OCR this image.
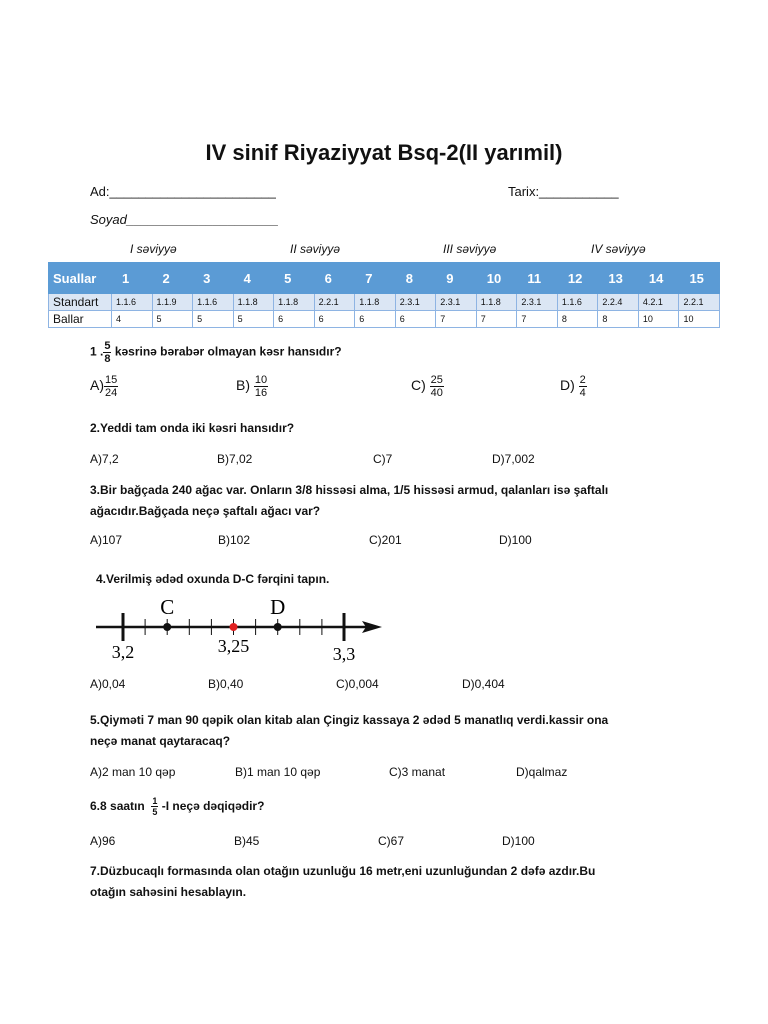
IV sinif Riyaziyyat Bsq-2(II yarımil)
Ad:_______________________	Tarix:___________
Soyad_____________________
I səviyyə	II səviyyə	III səviyyə	IV səviyyə
Suallar	1	2	3	4	5	6	7	8	9	10	11	12	13	14	15
Standart	1.1.6	1.1.9	1.1.6	1.1.8	1.1.8	2.2.1	1.1.8	2.3.1	2.3.1	1.1.8	2.3.1	1.1.6	2.2.4	4.2.1	2.2.1
Ballar	4	5	5	5	6	6	6	6	7	7	7	8	8	10	10
1 . $\frac{5}{8}$ kəsrinə bərabər olmayan kəsr hansıdır?
$A) \frac{15}{24}$	$B) \frac{10}{16}$	$C) \frac{25}{40}$	$D) \frac{2}{4}$
2.Yeddi tam onda iki kəsri hansıdır?
A)7,2	B)7,02	C)7	D)7,002
3.Bir bağçada 240 ağac var. Onların 3/8 hissəsi alma, 1/5 hissəsi armud, qalanları isə şaftalı
ağacıdır.Bağçada neçə şaftalı ağacı var?
A)107	B)102	C)201	D)100
4.Verilmiş ədəd oxunda D-C fərqini tapın.
C	D
3,2	3,25	3,3
A)0,04	B)0,40	C)0,004	D)0,404
5.Qiyməti 7 man 90 qəpik olan kitab alan Çingiz kassaya 2 ədəd 5 manatlıq verdi.kassir ona
neçə manat qaytaracaq?
A)2 man 10 qəp	B)1 man 10 qəp	C)3 manat	D)qalmaz
6.8 saatın $\frac{1}{5} -I$ neçə dəqiqədir?
A)96	B)45	C)67	D)100
7.Düzbucaqlı formasında olan otağın uzunluğu 16 metr,eni uzunluğundan 2 dəfə azdır.Bu
otağın sahəsini hesablayın.
